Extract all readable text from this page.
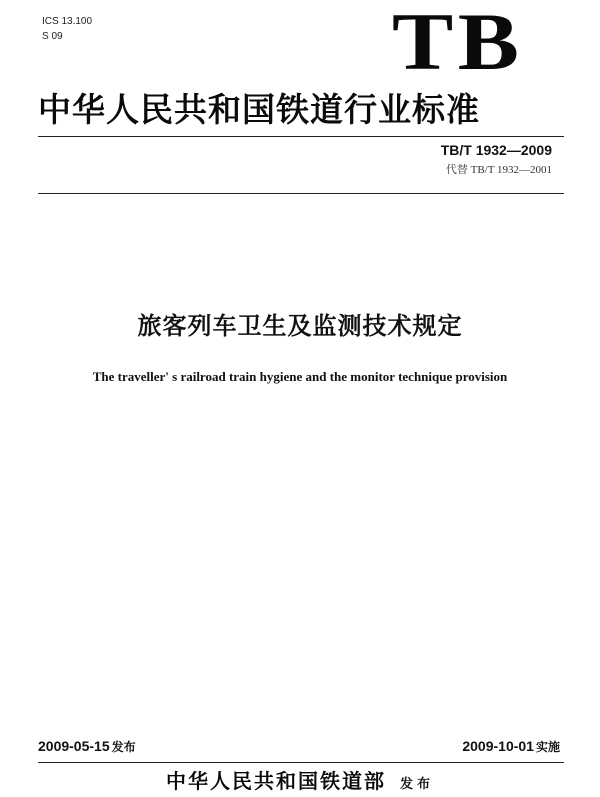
ICS 13.100
S 09	TB
中华人民共和国铁道行业标准
TB/T 1932—2009
代替 TB/T 1932—2001
旅客列车卫生及监测技术规定
The traveller' s railroad train hygiene and the monitor technique provision
2009-05-15 发布	2009-10-01 实施
中华人民共和国铁道部 发布
